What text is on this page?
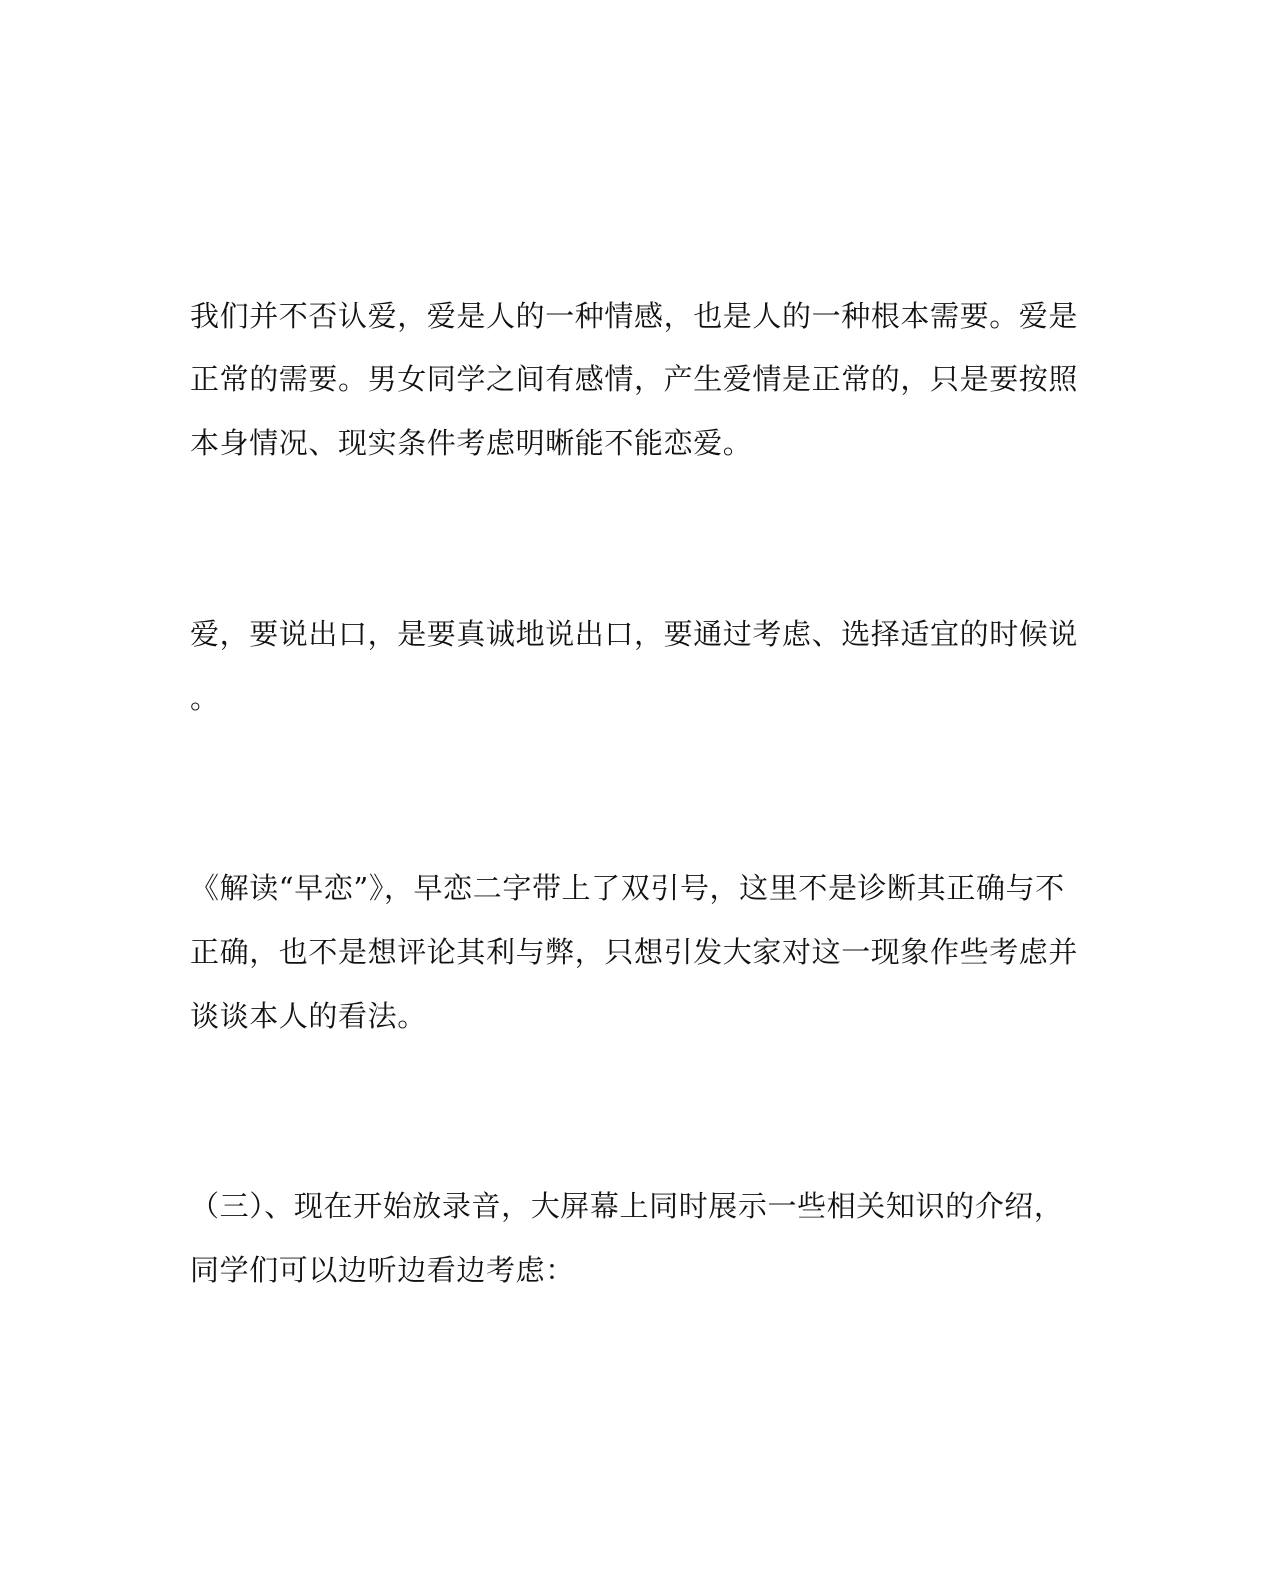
我们并不否认爱，爱是人的一种情感，也是人的一种根本需要。爱是
正常的需要。男女同学之间有感情，产生爱情是正常的，只是要按照
本身情况、现实条件考虑明晰能不能恋爱。
爱，要说出口，是要真诚地说出口，要通过考虑、选择适宜的时候说
。
《解读“早恋”》，早恋二字带上了双引号，这里不是诊断其正确与不
正确，也不是想评论其利与弊，只想引发大家对这一现象作些考虑并
谈谈本人的看法。
（三）、现在开始放录音，大屏幕上同时展示一些相关知识的介绍，
同学们可以边听边看边考虑：
